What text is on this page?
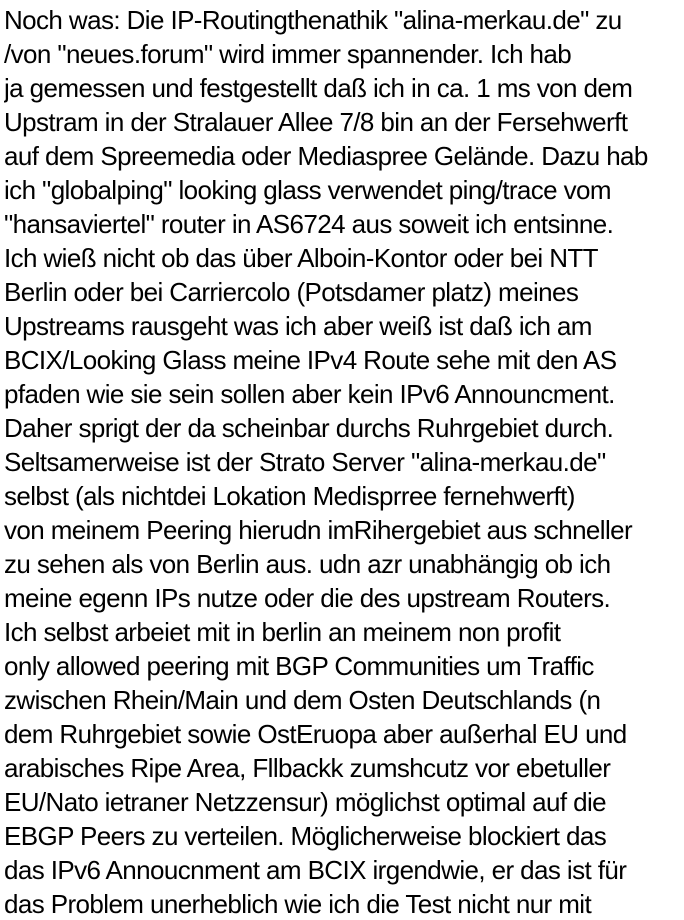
Noch was: Die IP-Routingthenathik "alina-merkau.de" zu
/von "neues.forum" wird immer spannender. Ich hab
ja gemessen und festgestellt daß ich in ca. 1 ms von dem
Upstram in der Stralauer Allee 7/8 bin an der Fersehwerft
auf dem Spreemedia oder Mediaspree Gelände. Dazu hab
ich "globalping" looking glass verwendet ping/trace vom
"hansaviertel" router in AS6724 aus soweit ich entsinne.
Ich wieß nicht ob das über Alboin-Kontor oder bei NTT
Berlin oder bei Carriercolo (Potsdamer platz) meines
Upstreams rausgeht was ich aber weiß ist daß ich am
BCIX/Looking Glass meine IPv4 Route sehe mit den AS
pfaden wie sie sein sollen aber kein IPv6 Announcment.
Daher sprigt der da scheinbar durchs Ruhrgebiet durch.
Seltsamerweise ist der Strato Server "alina-merkau.de"
selbst (als nichtdei Lokation Medisprree fernehwerft)
von meinem Peering hierudn imRihergebiet aus schneller
zu sehen als von Berlin aus. udn azr unabhängig ob ich
meine egenn IPs nutze oder die des upstream Routers.
Ich selbst arbeiet mit in berlin an meinem non profit
only allowed peering mit BGP Communities um Traffic
zwischen Rhein/Main und dem Osten Deutschlands (n
dem Ruhrgebiet sowie OstEruopa aber außerhal EU und
arabisches Ripe Area, Fllbackk zumshcutz vor ebetuller
EU/Nato ietraner Netzzensur) möglichst optimal auf die
EBGP Peers zu verteilen. Möglicherweise blockiert das
das IPv6 Annoucnment am BCIX irgendwie, er das ist für
das Problem unerheblich wie ich die Test nicht nur mit
